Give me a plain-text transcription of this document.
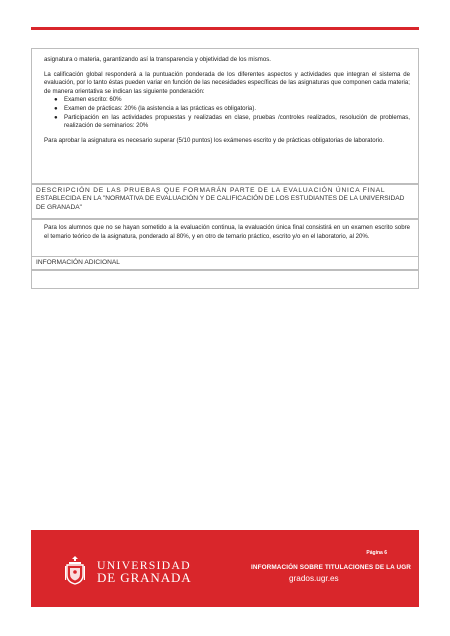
asignatura o materia, garantizando así la transparencia y objetividad de los mismos.

La calificación global responderá a la puntuación ponderada de los diferentes aspectos y actividades que integran el sistema de evaluación, por lo tanto éstas pueden variar en función de las necesidades específicas de las asignaturas que componen cada materia; de manera orientativa se indican las siguiente ponderación:

● Examen escrito: 60%
● Examen de prácticas: 20% (la asistencia a las prácticas es obligatoria).
● Participación en las actividades propuestas y realizadas en clase, pruebas /controles realizados, resolución de problemas, realización de seminarios: 20%

Para aprobar la asignatura es necesario superar (5/10 puntos) los exámenes escrito y de prácticas obligatorias de laboratorio.

DESCRIPCIÓN DE LAS PRUEBAS QUE FORMARÁN PARTE DE LA EVALUACIÓN ÚNICA FINAL
ESTABLECIDA EN LA "NORMATIVA DE EVALUACIÓN Y DE CALIFICACIÓN DE LOS ESTUDIANTES DE LA UNIVERSIDAD DE GRANADA"

Para los alumnos que no se hayan sometido a la evaluación continua, la evaluación única final consistirá en un examen escrito sobre el temario teórico de la asignatura, ponderado al 80%, y en otro de temario práctico, escrito y/o en el laboratorio, al 20%.

INFORMACIÓN ADICIONAL
UNIVERSIDAD
DE GRANADA
Página 6
INFORMACIÓN SOBRE TITULACIONES DE LA UGR
grados.ugr.es
